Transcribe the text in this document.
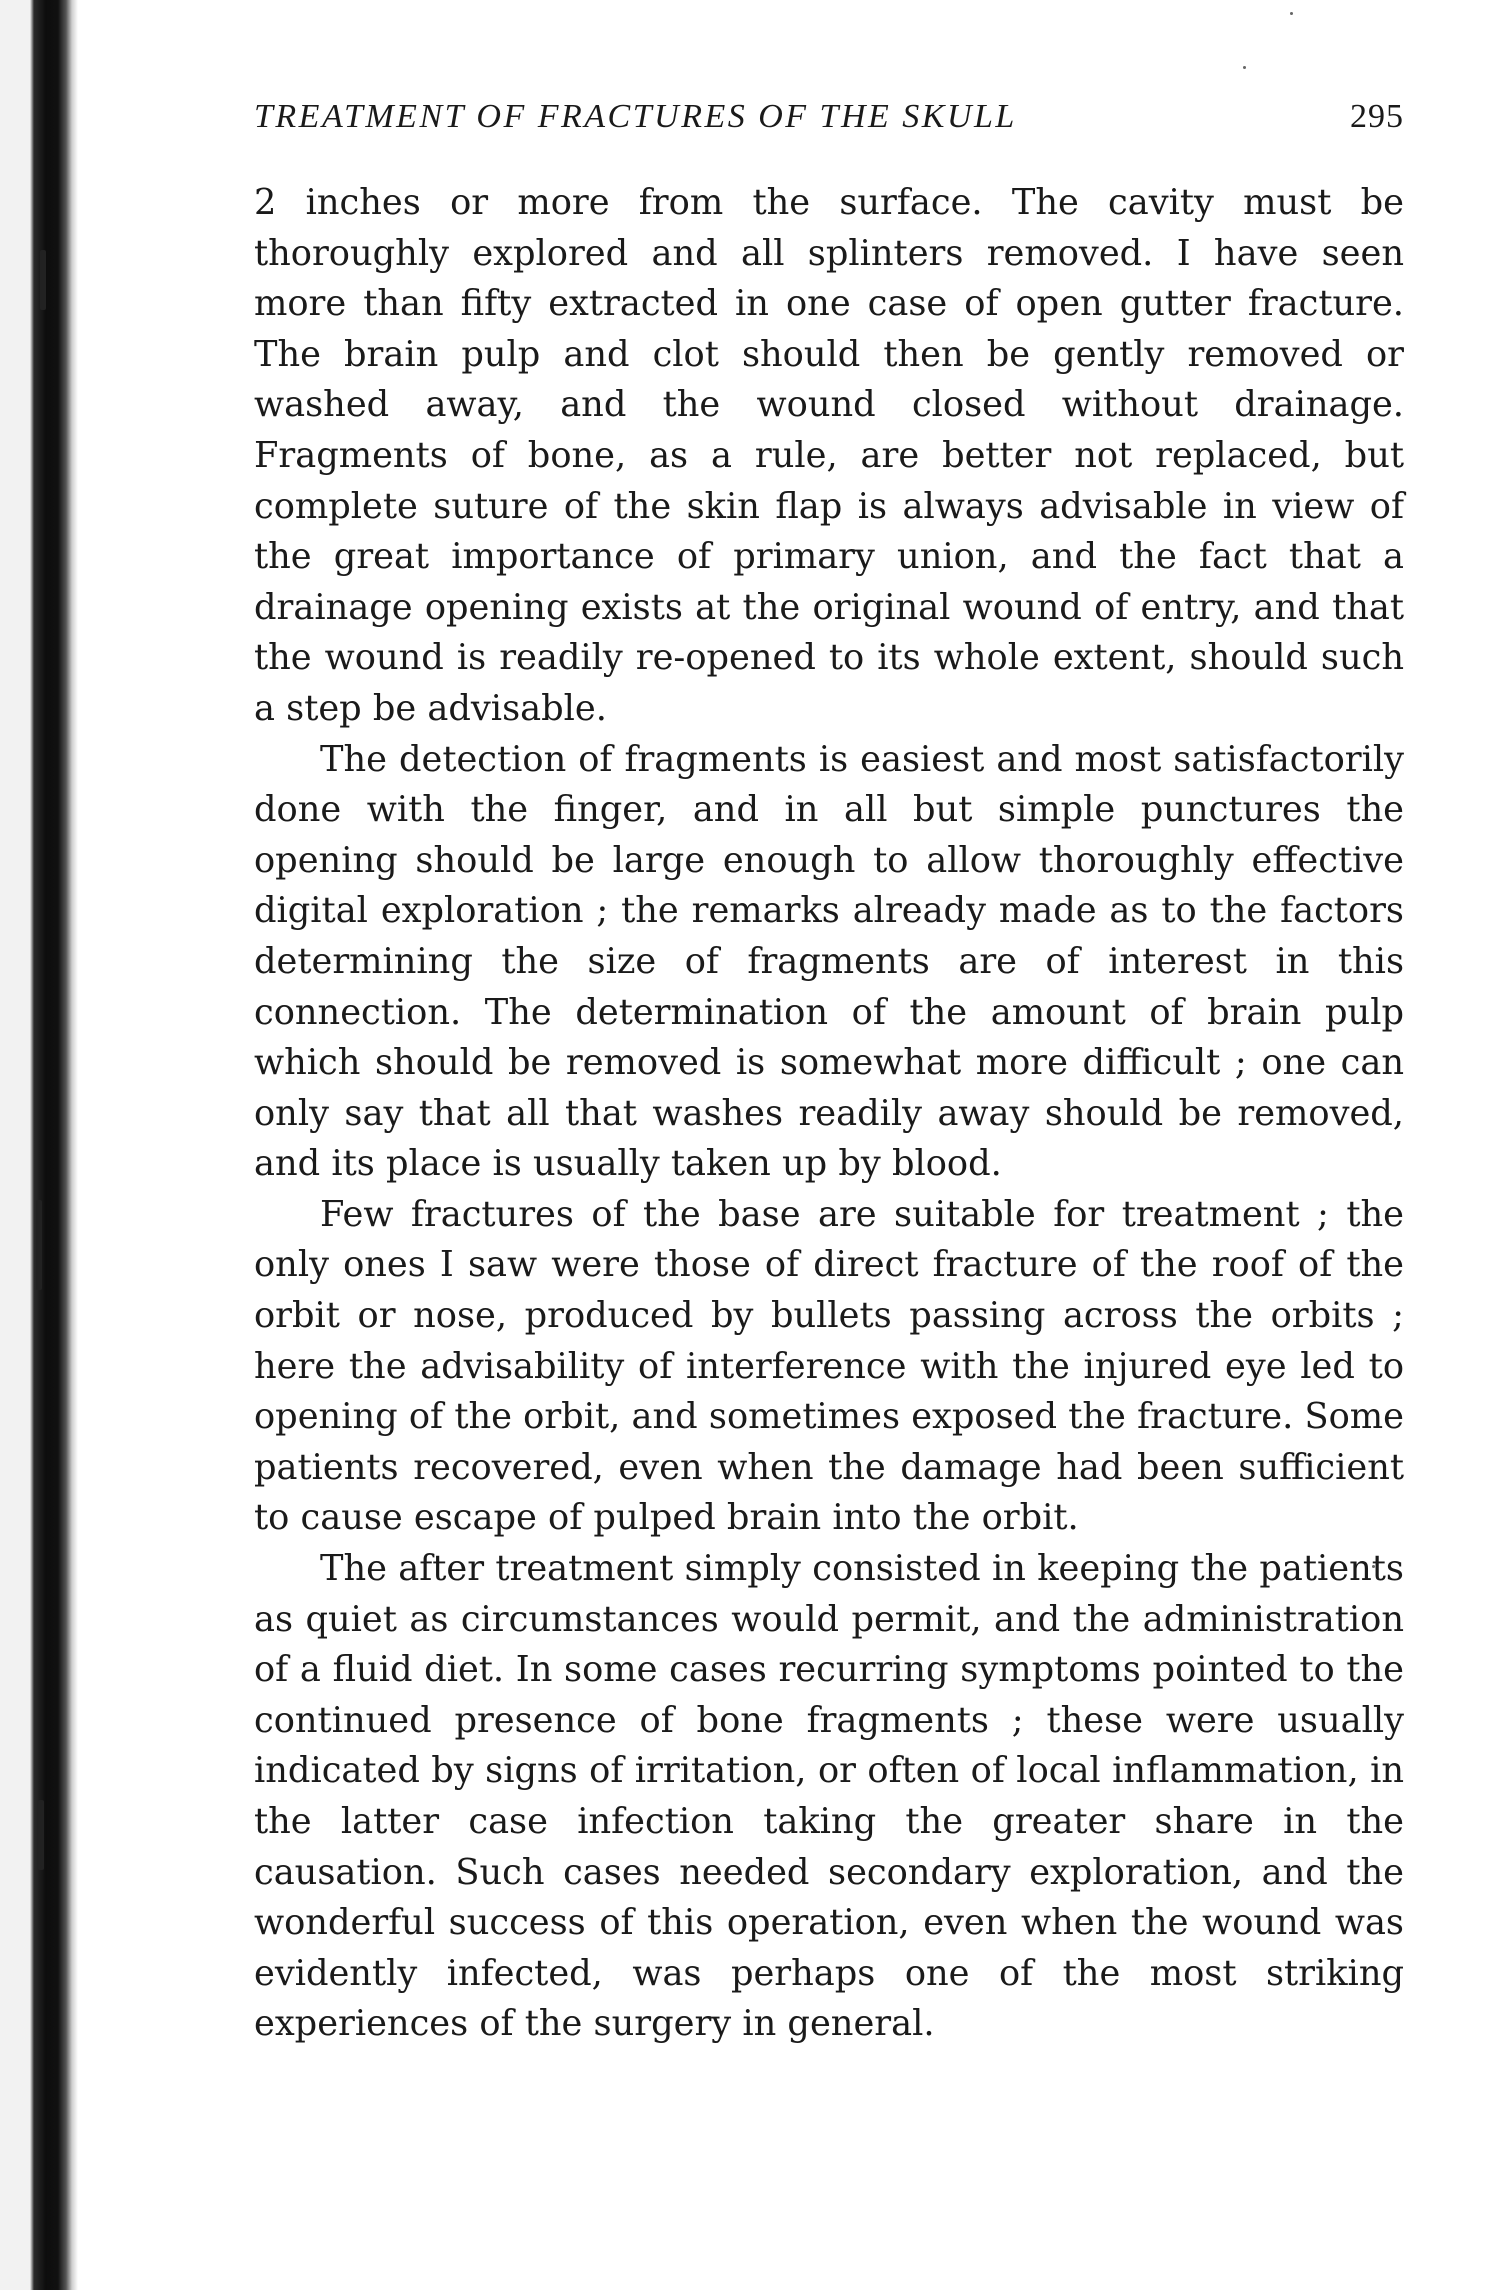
TREATMENT OF FRACTURES OF THE SKULL	295

2 inches or more from the surface. The cavity must be thoroughly explored and all splinters removed. I have seen more than fifty extracted in one case of open gutter fracture. The brain pulp and clot should then be gently removed or washed away, and the wound closed without drainage. Fragments of bone, as a rule, are better not replaced, but complete suture of the skin flap is always advisable in view of the great importance of primary union, and the fact that a drainage opening exists at the original wound of entry, and that the wound is readily re-opened to its whole extent, should such a step be advisable.

The detection of fragments is easiest and most satisfactorily done with the finger, and in all but simple punctures the opening should be large enough to allow thoroughly effective digital exploration ; the remarks already made as to the factors determining the size of fragments are of interest in this connection. The determination of the amount of brain pulp which should be removed is somewhat more difficult ; one can only say that all that washes readily away should be removed, and its place is usually taken up by blood.

Few fractures of the base are suitable for treatment ; the only ones I saw were those of direct fracture of the roof of the orbit or nose, produced by bullets passing across the orbits ; here the advisability of interference with the injured eye led to opening of the orbit, and sometimes exposed the fracture. Some patients recovered, even when the damage had been sufficient to cause escape of pulped brain into the orbit.

The after treatment simply consisted in keeping the patients as quiet as circumstances would permit, and the administration of a fluid diet. In some cases recurring symptoms pointed to the continued presence of bone fragments ; these were usually indicated by signs of irritation, or often of local inflammation, in the latter case infection taking the greater share in the causation. Such cases needed secondary exploration, and the wonderful success of this operation, even when the wound was evidently infected, was perhaps one of the most striking experiences of the surgery in general.
